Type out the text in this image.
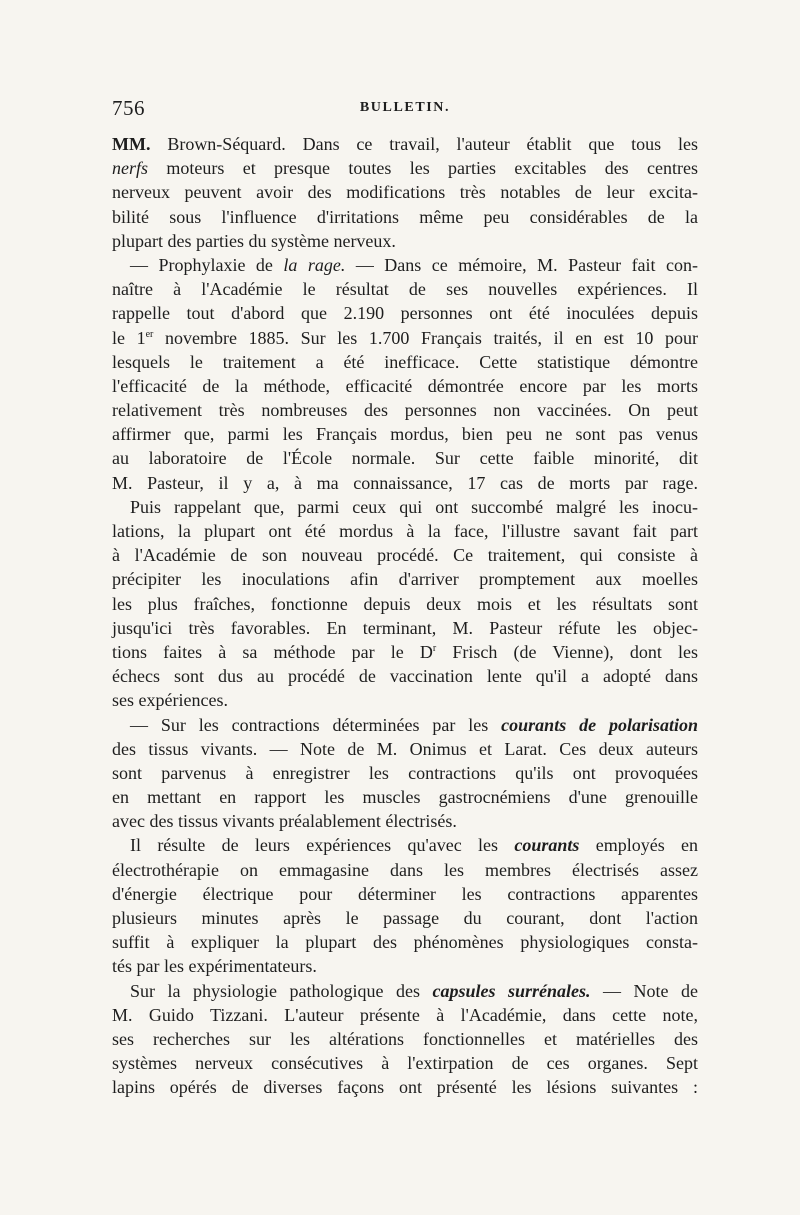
756	BULLETIN.

MM. Brown-Séquard. Dans ce travail, l'auteur établit que tous les
nerfs moteurs et presque toutes les parties excitables des centres
nerveux peuvent avoir des modifications très notables de leur excita-
bilité sous l'influence d'irritations même peu considérables de la
plupart des parties du système nerveux.

— Prophylaxie de la rage. — Dans ce mémoire, M. Pasteur fait con-
naître à l'Académie le résultat de ses nouvelles expériences. Il
rappelle tout d'abord que 2.190 personnes ont été inoculées depuis
le 1er novembre 1885. Sur les 1.700 Français traités, il en est 10 pour
lesquels le traitement a été inefficace. Cette statistique démontre
l'efficacité de la méthode, efficacité démontrée encore par les morts
relativement très nombreuses des personnes non vaccinées. On peut
affirmer que, parmi les Français mordus, bien peu ne sont pas venus
au laboratoire de l'École normale. Sur cette faible minorité, dit
M. Pasteur, il y a, à ma connaissance, 17 cas de morts par rage.

Puis rappelant que, parmi ceux qui ont succombé malgré les inocu-
lations, la plupart ont été mordus à la face, l'illustre savant fait part
à l'Académie de son nouveau procédé. Ce traitement, qui consiste à
précipiter les inoculations afin d'arriver promptement aux moelles
les plus fraîches, fonctionne depuis deux mois et les résultats sont
jusqu'ici très favorables. En terminant, M. Pasteur réfute les objec-
tions faites à sa méthode par le $D^r$ Frisch (de Vienne), dont les
échecs sont dus au procédé de vaccination lente qu'il a adopté dans
ses expériences.

— Sur les contractions déterminées par les courants de polarisation
des tissus vivants. — Note de M. Onimus et Larat. Ces deux auteurs
sont parvenus à enregistrer les contractions qu'ils ont provoquées
en mettant en rapport les muscles gastrocnémiens d'une grenouille
avec des tissus vivants préalablement électrisés.

Il résulte de leurs expériences qu'avec les courants employés en
électrothérapie on emmagasine dans les membres électrisés assez
d'énergie électrique pour déterminer les contractions apparentes
plusieurs minutes après le passage du courant, dont l'action
suffit à expliquer la plupart des phénomènes physiologiques consta-
tés par les expérimentateurs.

Sur la physiologie pathologique des capsules surrénales. — Note de
M. Guido Tizzani. L'auteur présente à l'Académie, dans cette note,
ses recherches sur les altérations fonctionnelles et matérielles des
systèmes nerveux consécutives à l'extirpation de ces organes. Sept
lapins opérés de diverses façons ont présenté les lésions suivantes :
